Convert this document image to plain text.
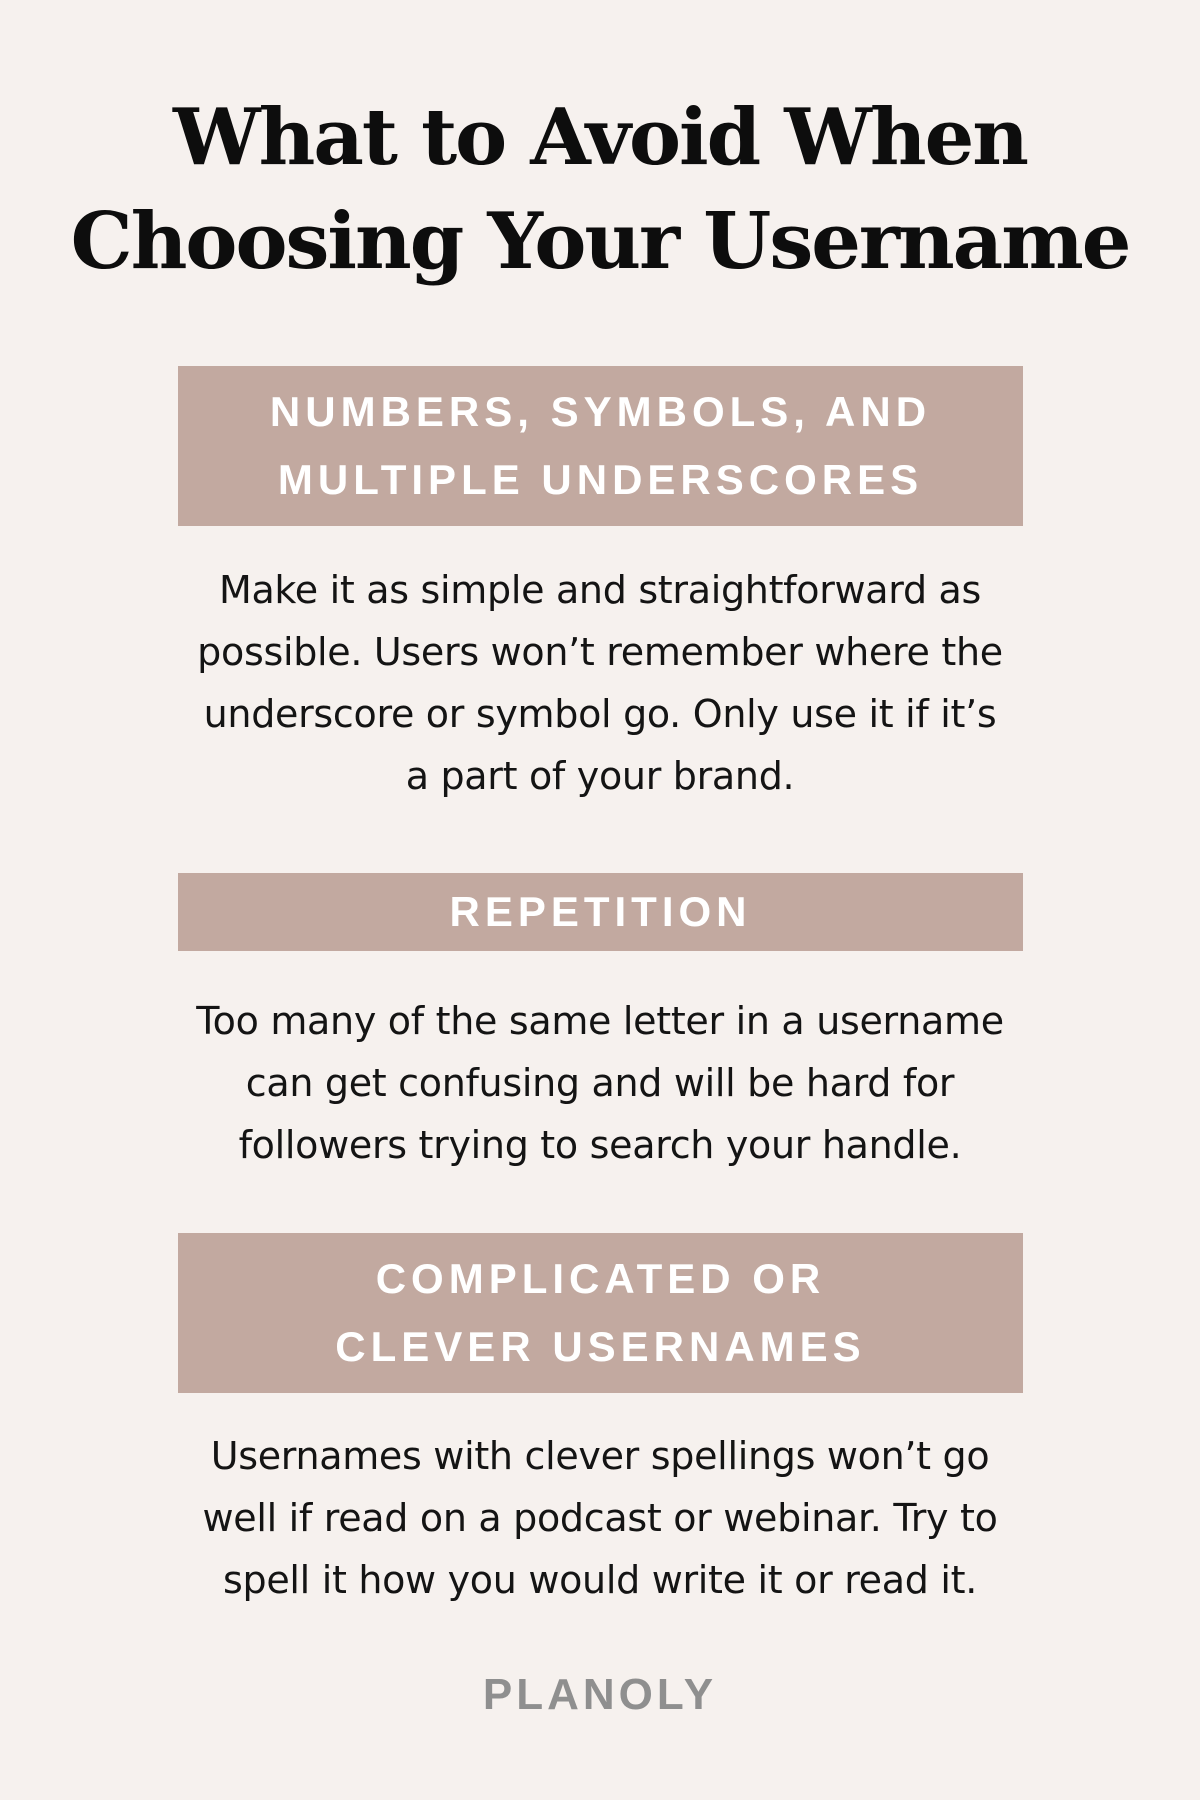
What to Avoid When
Choosing Your Username
NUMBERS, SYMBOLS, AND
MULTIPLE UNDERSCORES

Make it as simple and straightforward as
possible. Users won’t remember where the
underscore or symbol go. Only use it if it’s
a part of your brand.

REPETITION

Too many of the same letter in a username
can get confusing and will be hard for
followers trying to search your handle.

COMPLICATED OR
CLEVER USERNAMES

Usernames with clever spellings won’t go
well if read on a podcast or webinar. Try to
spell it how you would write it or read it.

PLANOLY
